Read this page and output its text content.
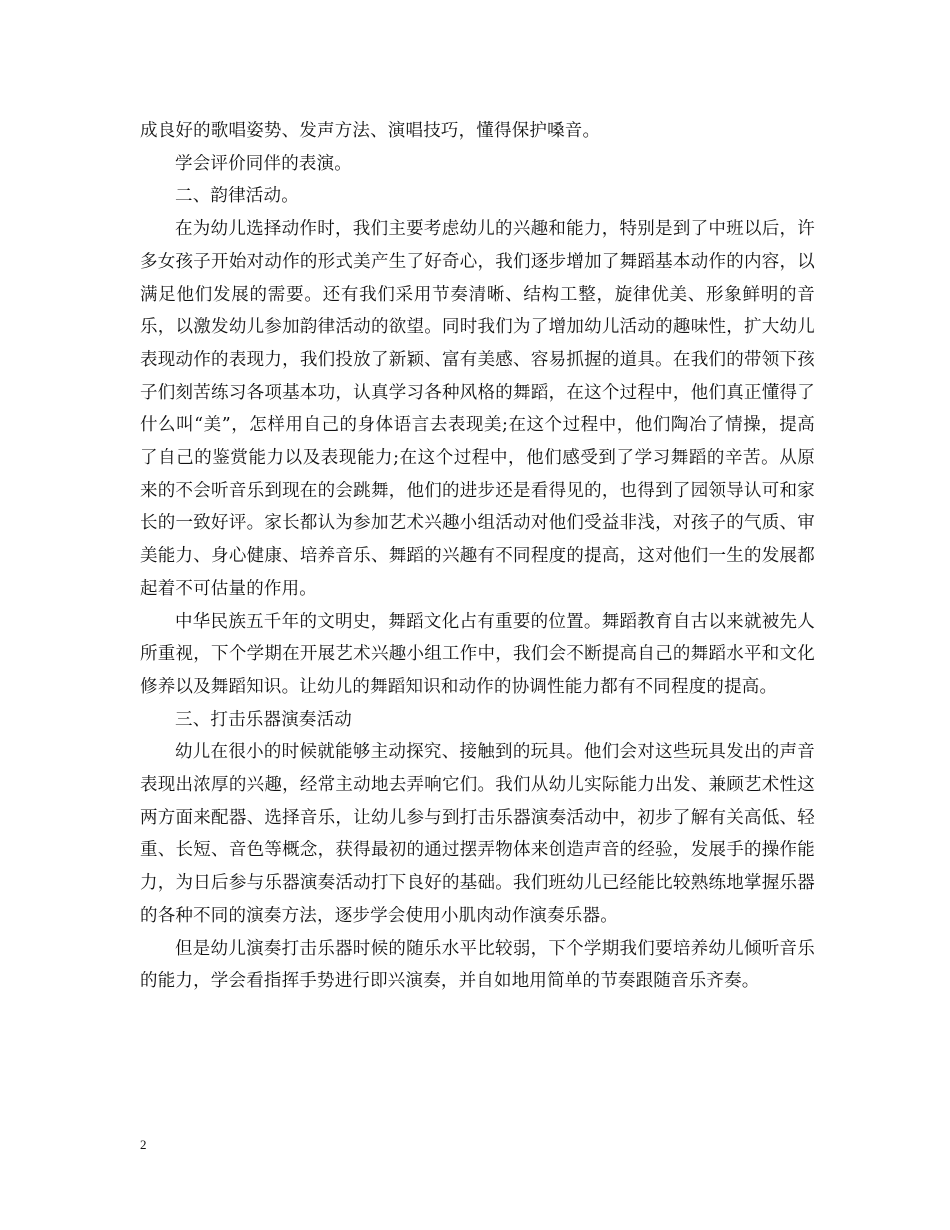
成良好的歌唱姿势、发声方法、演唱技巧，懂得保护嗓音。

学会评价同伴的表演。

二、韵律活动。

在为幼儿选择动作时，我们主要考虑幼儿的兴趣和能力，特别是到了中班以后，许多女孩子开始对动作的形式美产生了好奇心，我们逐步增加了舞蹈基本动作的内容，以满足他们发展的需要。还有我们采用节奏清晰、结构工整，旋律优美、形象鲜明的音乐，以激发幼儿参加韵律活动的欲望。同时我们为了增加幼儿活动的趣味性，扩大幼儿表现动作的表现力，我们投放了新颖、富有美感、容易抓握的道具。在我们的带领下孩子们刻苦练习各项基本功，认真学习各种风格的舞蹈，在这个过程中，他们真正懂得了什么叫“美”，怎样用自己的身体语言去表现美;在这个过程中，他们陶冶了情操，提高了自己的鉴赏能力以及表现能力;在这个过程中，他们感受到了学习舞蹈的辛苦。从原来的不会听音乐到现在的会跳舞，他们的进步还是看得见的，也得到了园领导认可和家长的一致好评。家长都认为参加艺术兴趣小组活动对他们受益非浅，对孩子的气质、审美能力、身心健康、培养音乐、舞蹈的兴趣有不同程度的提高，这对他们一生的发展都起着不可估量的作用。

中华民族五千年的文明史，舞蹈文化占有重要的位置。舞蹈教育自古以来就被先人所重视，下个学期在开展艺术兴趣小组工作中，我们会不断提高自己的舞蹈水平和文化修养以及舞蹈知识。让幼儿的舞蹈知识和动作的协调性能力都有不同程度的提高。

三、打击乐器演奏活动

幼儿在很小的时候就能够主动探究、接触到的玩具。他们会对这些玩具发出的声音表现出浓厚的兴趣，经常主动地去弄响它们。我们从幼儿实际能力出发、兼顾艺术性这两方面来配器、选择音乐，让幼儿参与到打击乐器演奏活动中，初步了解有关高低、轻重、长短、音色等概念，获得最初的通过摆弄物体来创造声音的经验，发展手的操作能力，为日后参与乐器演奏活动打下良好的基础。我们班幼儿已经能比较熟练地掌握乐器的各种不同的演奏方法，逐步学会使用小肌肉动作演奏乐器。

但是幼儿演奏打击乐器时候的随乐水平比较弱，下个学期我们要培养幼儿倾听音乐的能力，学会看指挥手势进行即兴演奏，并自如地用简单的节奏跟随音乐齐奏。

2
